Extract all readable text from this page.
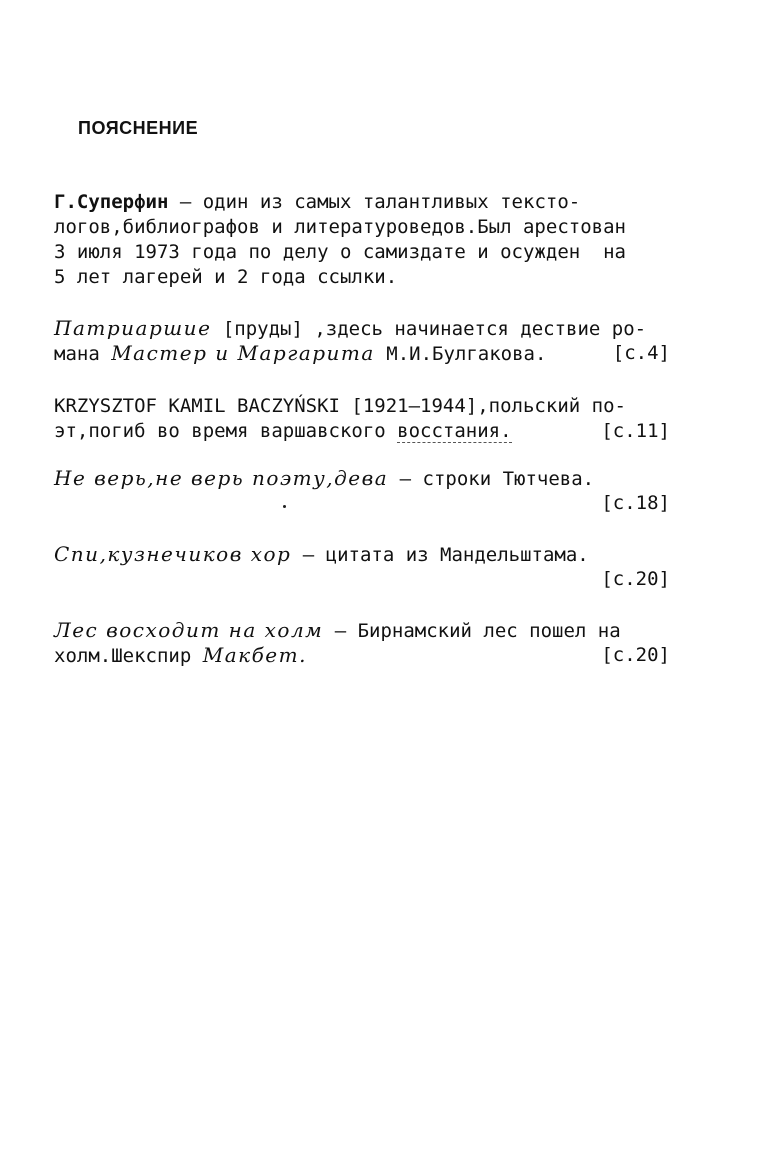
ПОЯСНЕНИЕ
Г.Суперфин — один из самых талантливых тексто-
логов,библиографов и литературоведов.Был арестован
3 июля 1973 года по делу о самиздате и осужден  на
5 лет лагерей и 2 года ссылки.
Патриаршие [пруды] ,здесь начинается дествие ро-
мана Мастер и Маргарита М.И.Булгакова.	[с.4]
KRZYSZTOF KAMIL BACZYŃSKI [1921–1944],польский по-
эт,погиб во время варшавского восстания.	[с.11]
Не верь,не верь поэту,дева — строки Тютчева.
[с.18]
Спи,кузнечиков хор — цитата из Мандельштама.
[с.20]
Лес восходит на холм — Бирнамский лес пошел на
холм.Шекспир Макбет.	[с.20]
